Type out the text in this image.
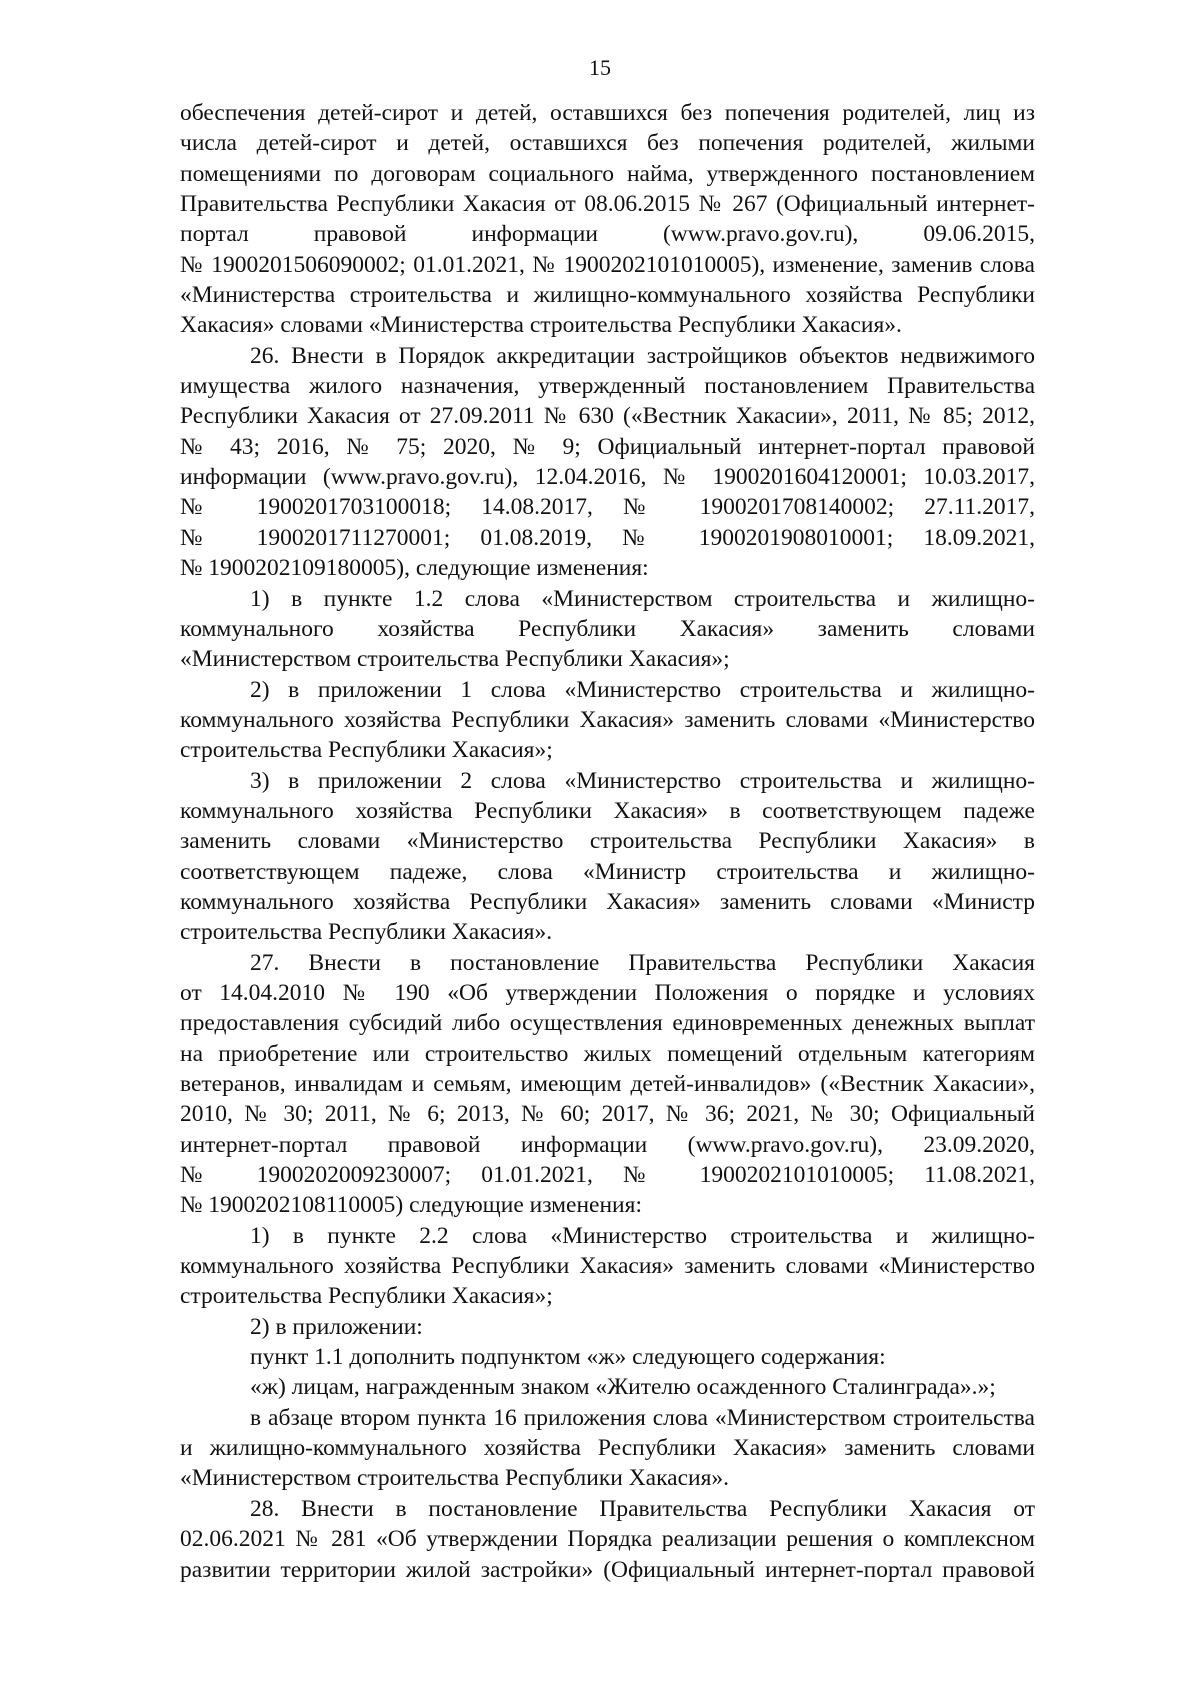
15
обеспечения детей-сирот и детей, оставшихся без попечения родителей, лиц из
числа детей-сирот и детей, оставшихся без попечения родителей, жилыми
помещениями по договорам социального найма, утвержденного постановлением
Правительства Республики Хакасия от 08.06.2015 № 267 (Официальный интернет-
портал правовой информации (www.pravo.gov.ru), 09.06.2015,
№ 1900201506090002; 01.01.2021, № 1900202101010005), изменение, заменив слова
«Министерства строительства и жилищно-коммунального хозяйства Республики
Хакасия» словами «Министерства строительства Республики Хакасия».
26. Внести в Порядок аккредитации застройщиков объектов недвижимого
имущества жилого назначения, утвержденный постановлением Правительства
Республики Хакасия от 27.09.2011 № 630 («Вестник Хакасии», 2011, № 85; 2012,
№ 43; 2016, № 75; 2020, № 9; Официальный интернет-портал правовой
информации (www.pravo.gov.ru), 12.04.2016, № 1900201604120001; 10.03.2017,
№ 1900201703100018; 14.08.2017, № 1900201708140002; 27.11.2017,
№ 1900201711270001; 01.08.2019, № 1900201908010001; 18.09.2021,
№ 1900202109180005), следующие изменения:
1) в пункте 1.2 слова «Министерством строительства и жилищно-
коммунального хозяйства Республики Хакасия» заменить словами
«Министерством строительства Республики Хакасия»;
2) в приложении 1 слова «Министерство строительства и жилищно-
коммунального хозяйства Республики Хакасия» заменить словами «Министерство
строительства Республики Хакасия»;
3) в приложении 2 слова «Министерство строительства и жилищно-
коммунального хозяйства Республики Хакасия» в соответствующем падеже
заменить словами «Министерство строительства Республики Хакасия» в
соответствующем падеже, слова «Министр строительства и жилищно-
коммунального хозяйства Республики Хакасия» заменить словами «Министр
строительства Республики Хакасия».
27. Внести в постановление Правительства Республики Хакасия
от 14.04.2010 № 190 «Об утверждении Положения о порядке и условиях
предоставления субсидий либо осуществления единовременных денежных выплат
на приобретение или строительство жилых помещений отдельным категориям
ветеранов, инвалидам и семьям, имеющим детей-инвалидов» («Вестник Хакасии»,
2010, № 30; 2011, № 6; 2013, № 60; 2017, № 36; 2021, № 30; Официальный
интернет-портал правовой информации (www.pravo.gov.ru), 23.09.2020,
№ 1900202009230007; 01.01.2021, № 1900202101010005; 11.08.2021,
№ 1900202108110005) следующие изменения:
1) в пункте 2.2 слова «Министерство строительства и жилищно-
коммунального хозяйства Республики Хакасия» заменить словами «Министерство
строительства Республики Хакасия»;
2) в приложении:
пункт 1.1 дополнить подпунктом «ж» следующего содержания:
«ж) лицам, награжденным знаком «Жителю осажденного Сталинграда».»;
в абзаце втором пункта 16 приложения слова «Министерством строительства
и жилищно-коммунального хозяйства Республики Хакасия» заменить словами
«Министерством строительства Республики Хакасия».
28. Внести в постановление Правительства Республики Хакасия от
02.06.2021 № 281 «Об утверждении Порядка реализации решения о комплексном
развитии территории жилой застройки» (Официальный интернет-портал правовой
